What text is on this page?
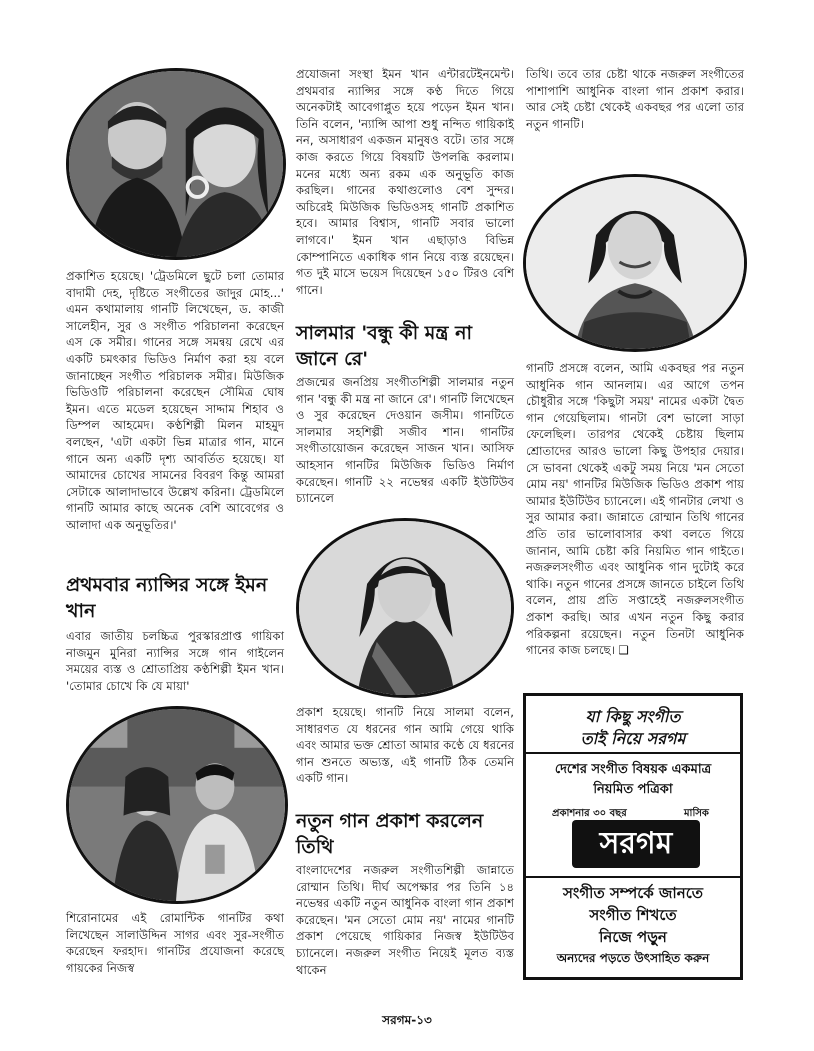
প্রকাশিত হয়েছে। 'ট্রেডমিলে ছুটে চলা তোমার বাদামী দেহ, দৃষ্টিতে সংগীতের জাদুর মোহ...' এমন কথামালায় গানটি লিখেছেন, ড. কাজী সালেহীন, সুর ও সংগীত পরিচালনা করেছেন এস কে সমীর। গানের সঙ্গে সমন্বয় রেখে এর একটি চমৎকার ভিডিও নির্মাণ করা হয় বলে জানাচ্ছেন সংগীত পরিচালক সমীর। মিউজিক ভিডিওটি পরিচালনা করেছেন সৌমিত্র ঘোষ ইমন। এতে মডেল হয়েছেন সাদ্দাম শিহাব ও ডিম্পল আহমেদ। কণ্ঠশিল্পী মিলন মাহমুদ বলছেন, 'এটা একটা ভিন্ন মাত্রার গান, মানে গানে অন্য একটি দৃশ্য আবর্তিত হয়েছে। যা আমাদের চোখের সামনের বিবরণ কিন্তু আমরা সেটাকে আলাদাভাবে উল্লেখ করিনা। ট্রেডমিলে গানটি আমার কাছে অনেক বেশি আবেগের ও আলাদা এক অনুভূতির।'

প্রথমবার ন্যান্সির সঙ্গে ইমন খান

এবার জাতীয় চলচ্চিত্র পুরস্কারপ্রাপ্ত গায়িকা নাজমুন মুনিরা ন্যান্সির সঙ্গে গান গাইলেন সময়ের ব্যস্ত ও শ্রোতাপ্রিয় কণ্ঠশিল্পী ইমন খান। 'তোমার চোখে কি যে মায়া'

শিরোনামের এই রোমান্টিক গানটির কথা লিখেছেন সালাউদ্দিন সাগর এবং সুর-সংগীত করেছেন ফরহাদ। গানটির প্রযোজনা করেছে গায়কের নিজস্ব

প্রযোজনা সংস্থা ইমন খান এন্টারটেইনমেন্ট। প্রথমবার ন্যান্সির সঙ্গে কণ্ঠ দিতে গিয়ে অনেকটাই আবেগাপ্লুত হয়ে পড়েন ইমন খান। তিনি বলেন, 'ন্যান্সি আপা শুধু নন্দিত গায়িকাই নন, অসাধারণ একজন মানুষও বটে। তার সঙ্গে কাজ করতে গিয়ে বিষয়টি উপলব্ধি করলাম। মনের মধ্যে অন্য রকম এক অনুভূতি কাজ করছিল। গানের কথাগুলোও বেশ সুন্দর। অচিরেই মিউজিক ভিডিওসহ গানটি প্রকাশিত হবে। আমার বিশ্বাস, গানটি সবার ভালো লাগবে।' ইমন খান এছাড়াও বিভিন্ন কোম্পানিতে একাধিক গান নিয়ে ব্যস্ত রয়েছেন। গত দুই মাসে ভয়েস দিয়েছেন ১৫০ টিরও বেশি গানে।

সালমার 'বন্ধু কী মন্ত্র না জানে রে'

প্রজন্মের জনপ্রিয় সংগীতশিল্পী সালমার নতুন গান 'বন্ধু কী মন্ত্র না জানে রে'। গানটি লিখেছেন ও সুর করেছেন দেওয়ান জসীম। গানটিতে সালমার সহশিল্পী সজীব শান। গানটির সংগীতায়োজন করেছেন সাজন খান। আসিফ আহসান গানটির মিউজিক ভিডিও নির্মাণ করেছেন। গানটি ২২ নভেম্বর একটি ইউটিউব চ্যানেলে

প্রকাশ হয়েছে। গানটি নিয়ে সালমা বলেন, সাধারণত যে ধরনের গান আমি গেয়ে থাকি এবং আমার ভক্ত শ্রোতা আমার কণ্ঠে যে ধরনের গান শুনতে অভ্যস্ত, এই গানটি ঠিক তেমনি একটি গান।

নতুন গান প্রকাশ করলেন তিথি

বাংলাদেশের নজরুল সংগীতশিল্পী জান্নাতে রোম্মান তিথি। দীর্ঘ অপেক্ষার পর তিনি ১৪ নভেম্বর একটি নতুন আধুনিক বাংলা গান প্রকাশ করেছেন। 'মন সেতো মোম নয়' নামের গানটি প্রকাশ পেয়েছে গায়িকার নিজস্ব ইউটিউব চ্যানেলে। নজরুল সংগীত নিয়েই মূলত ব্যস্ত থাকেন

তিথি। তবে তার চেষ্টা থাকে নজরুল সংগীতের পাশাপাশি আধুনিক বাংলা গান প্রকাশ করার। আর সেই চেষ্টা থেকেই একবছর পর এলো তার নতুন গানটি।

গানটি প্রসঙ্গে বলেন, আমি একবছর পর নতুন আধুনিক গান আনলাম। এর আগে তপন চৌধুরীর সঙ্গে 'কিছুটা সময়' নামের একটা দ্বৈত গান গেয়েছিলাম। গানটা বেশ ভালো সাড়া ফেলেছিল। তারপর থেকেই চেষ্টায় ছিলাম শ্রোতাদের আরও ভালো কিছু উপহার দেয়ার। সে ভাবনা থেকেই একটু সময় নিয়ে 'মন সেতো মোম নয়' গানটির মিউজিক ভিডিও প্রকাশ পায় আমার ইউটিউব চ্যানেলে। এই গানটার লেখা ও সুর আমার করা। জান্নাতে রোম্মান তিথি গানের প্রতি তার ভালোবাসার কথা বলতে গিয়ে জানান, আমি চেষ্টা করি নিয়মিত গান গাইতে। নজরুলসংগীত এবং আধুনিক গান দুটোই করে থাকি। নতুন গানের প্রসঙ্গে জানতে চাইলে তিথি বলেন, প্রায় প্রতি সপ্তাহেই নজরুলসংগীত প্রকাশ করছি। আর এখন নতুন কিছু করার পরিকল্পনা রয়েছেন। নতুন তিনটা আধুনিক গানের কাজ চলছে। ❑

যা কিছু সংগীত
তাই নিয়ে সরগম
দেশের সংগীত বিষয়ক একমাত্র
নিয়মিত পত্রিকা
প্রকাশনার ৩০ বছর	মাসিক
সরগম
সংগীত সম্পর্কে জানতে
সংগীত শিখতে
নিজে পড়ুন
অন্যদের পড়তে উৎসাহিত করুন
সরগম-১৩
